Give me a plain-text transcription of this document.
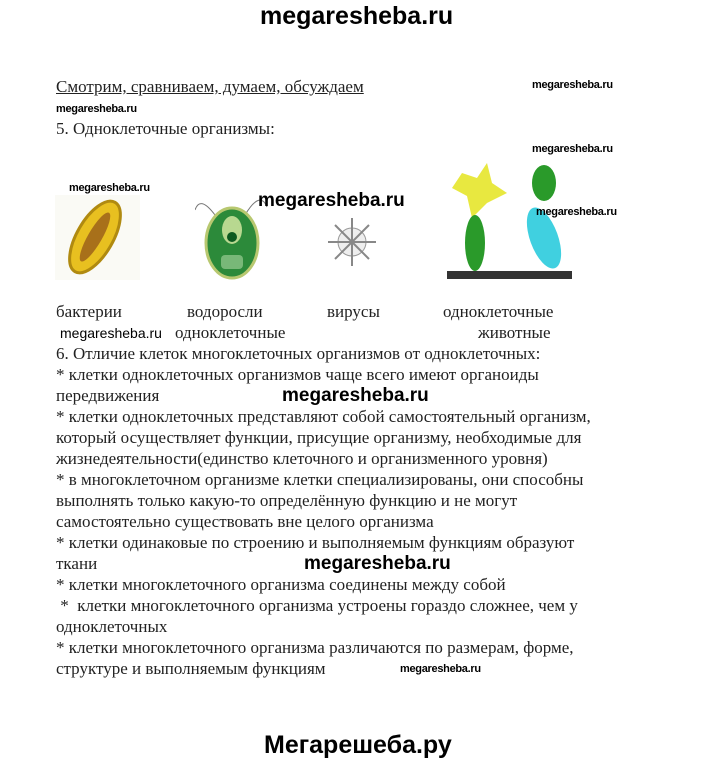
megaresheba.ru
Смотрим, сравниваем, думаем, обсуждаем	megaresheba.ru
megaresheba.ru
5. Одноклеточные организмы:
megaresheba.ru
megaresheba.ru
megaresheba.ru
megaresheba.ru
бактерии	водоросли
одноклеточные
вирусы	одноклеточные
животные
megaresheba.ru
6. Отличие клеток многоклеточных организмов от одноклеточных:
* клетки одноклеточных организмов чаще всего имеют органоиды
передвижения
* клетки одноклеточных представляют собой самостоятельный организм,
который осуществляет функции, присущие организму, необходимые для
жизнедеятельности(единство клеточного и организменного уровня)
* в многоклеточном организме клетки специализированы, они способны
выполнять только какую-то определённую функцию и не могут
самостоятельно существовать вне целого организма
* клетки одинаковые по строению и выполняемым функциям образуют
ткани
* клетки многоклеточного организма соединены между собой
*  клетки многоклеточного организма устроены гораздо сложнее, чем у
одноклеточных
* клетки многоклеточного организма различаются по размерам, форме,
структуре и выполняемым функциям
megaresheba.ru
megaresheba.ru
megaresheba.ru
Мегарешеба.ру
